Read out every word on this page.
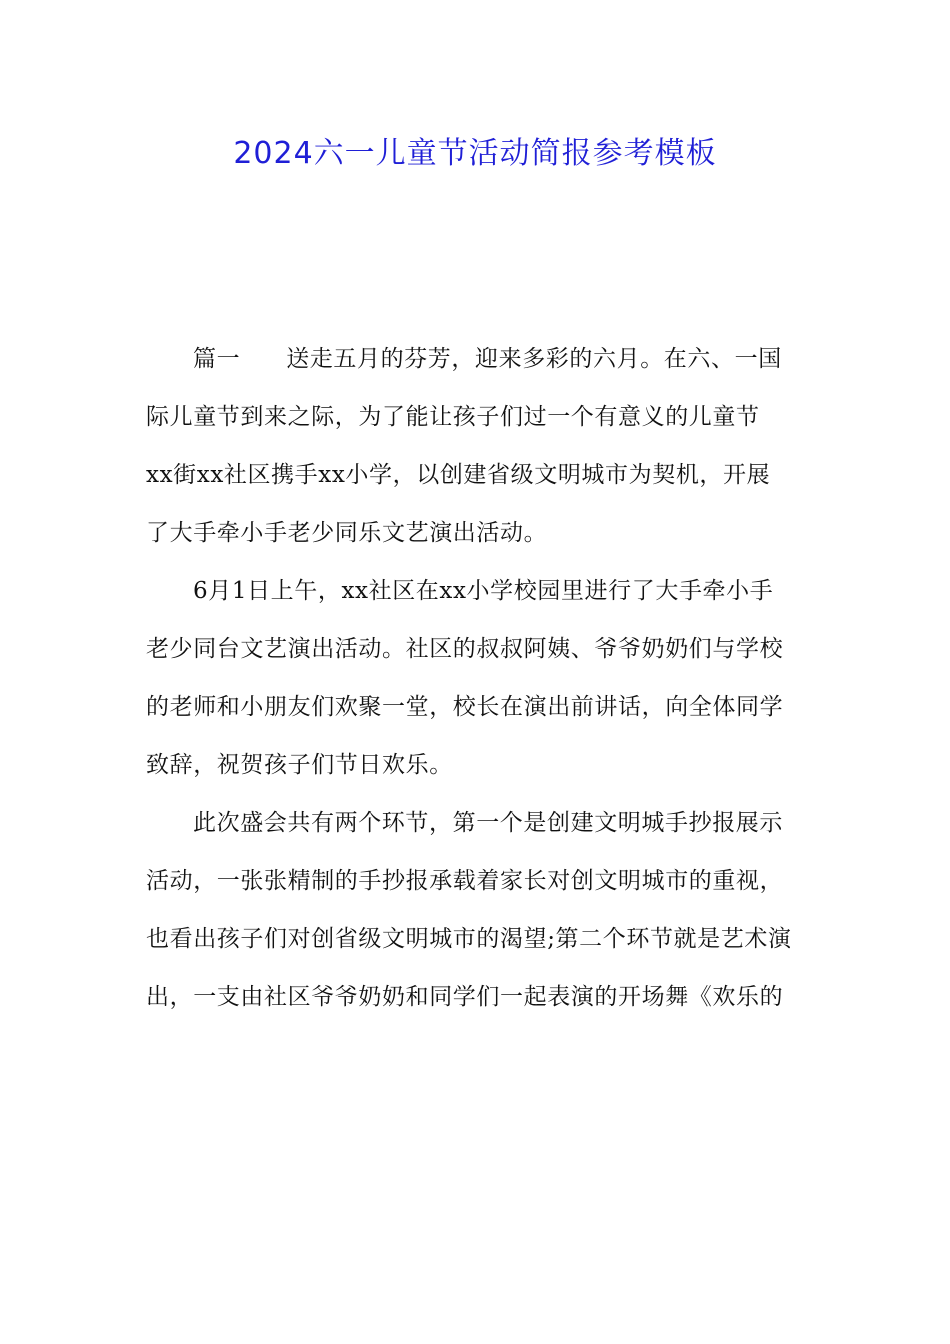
2024六一儿童节活动简报参考模板
篇一 送走五月的芬芳，迎来多彩的六月。在六、一国
际儿童节到来之际，为了能让孩子们过一个有意义的儿童节
xx街xx社区携手xx小学，以创建省级文明城市为契机，开展
了大手牵小手老少同乐文艺演出活动。
6月1日上午，xx社区在xx小学校园里进行了大手牵小手
老少同台文艺演出活动。社区的叔叔阿姨、爷爷奶奶们与学校
的老师和小朋友们欢聚一堂，校长在演出前讲话，向全体同学
致辞，祝贺孩子们节日欢乐。
此次盛会共有两个环节，第一个是创建文明城手抄报展示
活动，一张张精制的手抄报承载着家长对创文明城市的重视，
也看出孩子们对创省级文明城市的渴望;第二个环节就是艺术演
出，一支由社区爷爷奶奶和同学们一起表演的开场舞《欢乐的
